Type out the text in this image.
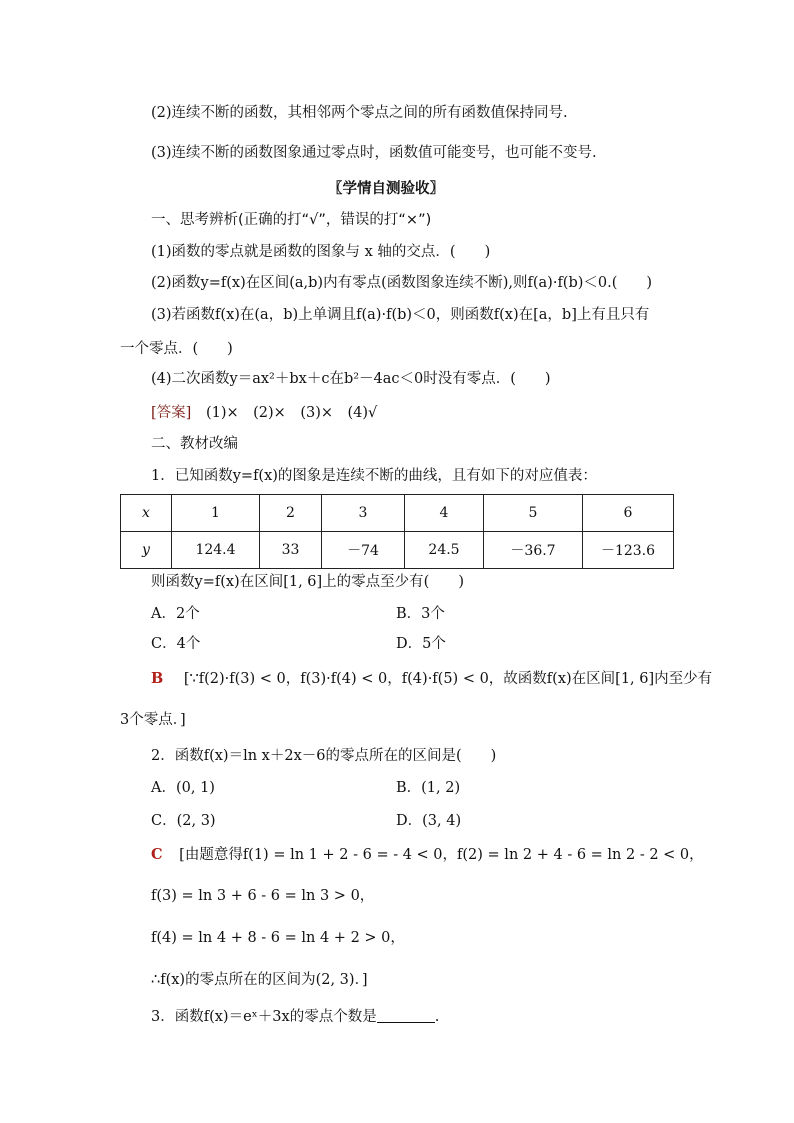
(2)连续不断的函数，其相邻两个零点之间的所有函数值保持同号.
(3)连续不断的函数图象通过零点时，函数值可能变号，也可能不变号.
〖学情自测验收〗
一、思考辨析(正确的打“√”，错误的打“×”)
(1)函数的零点就是函数的图象与 x 轴的交点．(　　)
(2)函数y=f(x)在区间(a,b)内有零点(函数图象连续不断),则f(a)·f(b)＜0.(　　)
(3)若函数f(x)在(a，b)上单调且f(a)·f(b)＜0，则函数f(x)在[a，b]上有且只有
一个零点．(　　)
(4)二次函数y＝ax²＋bx＋c在b²－4ac＜0时没有零点．(　　)
[答案] (1)×　(2)×　(3)×　(4)√
二、教材改编
1．已知函数y=f(x)的图象是连续不断的曲线，且有如下的对应值表：
x	1	2	3	4	5	6
y	124.4	33	－74	24.5	－36.7	－123.6
则函数y=f(x)在区间[1, 6]上的零点至少有(　　)
A．2个	B．3个
C．4个	D．5个
B [∵f(2)·f(3) < 0，f(3)·f(4) < 0，f(4)·f(5) < 0，故函数f(x)在区间[1, 6]内至少有
3个零点．]
2．函数f(x)＝ln x＋2x－6的零点所在的区间是(　　)
A．(0, 1)	B．(1, 2)
C．(2, 3)	D．(3, 4)
C [由题意得f(1) = ln 1 + 2 - 6 = - 4 < 0，f(2) = ln 2 + 4 - 6 = ln 2 - 2 < 0，
f(3) = ln 3 + 6 - 6 = ln 3 > 0，
f(4) = ln 4 + 8 - 6 = ln 4 + 2 > 0，
∴f(x)的零点所在的区间为(2, 3)．]
3．函数f(x)＝eˣ＋3x的零点个数是	.
